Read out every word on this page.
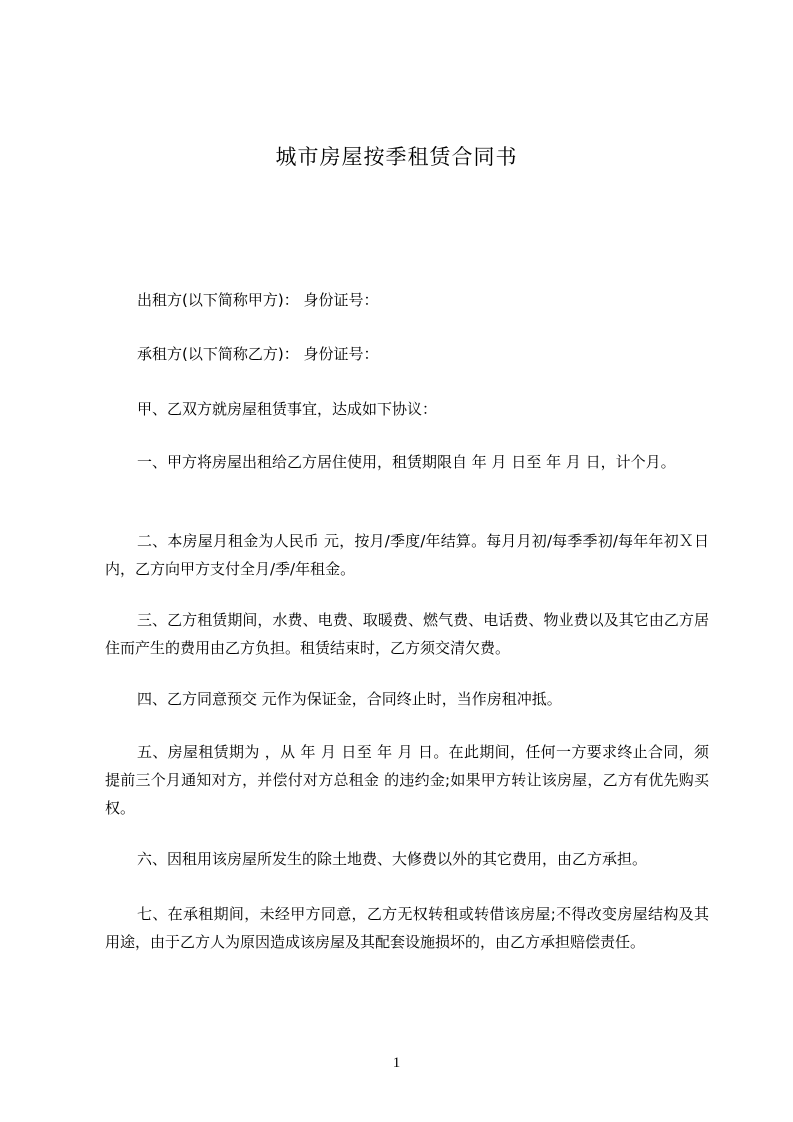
城市房屋按季租赁合同书

出租方(以下简称甲方)： 身份证号：

承租方(以下简称乙方)： 身份证号：

甲、乙双方就房屋租赁事宜，达成如下协议：

一、甲方将房屋出租给乙方居住使用，租赁期限自 年 月 日至 年 月 日，计个月。

二、本房屋月租金为人民币 元，按月/季度/年结算。每月月初/每季季初/每年年初Ｘ日内，乙方向甲方支付全月/季/年租金。

三、乙方租赁期间，水费、电费、取暖费、燃气费、电话费、物业费以及其它由乙方居住而产生的费用由乙方负担。租赁结束时，乙方须交清欠费。

四、乙方同意预交 元作为保证金，合同终止时，当作房租冲抵。

五、房屋租赁期为 ，从 年 月 日至 年 月 日。在此期间，任何一方要求终止合同，须提前三个月通知对方，并偿付对方总租金 的违约金;如果甲方转让该房屋，乙方有优先购买权。

六、因租用该房屋所发生的除土地费、大修费以外的其它费用，由乙方承担。

七、在承租期间，未经甲方同意，乙方无权转租或转借该房屋;不得改变房屋结构及其用途，由于乙方人为原因造成该房屋及其配套设施损坏的，由乙方承担赔偿责任。

1
